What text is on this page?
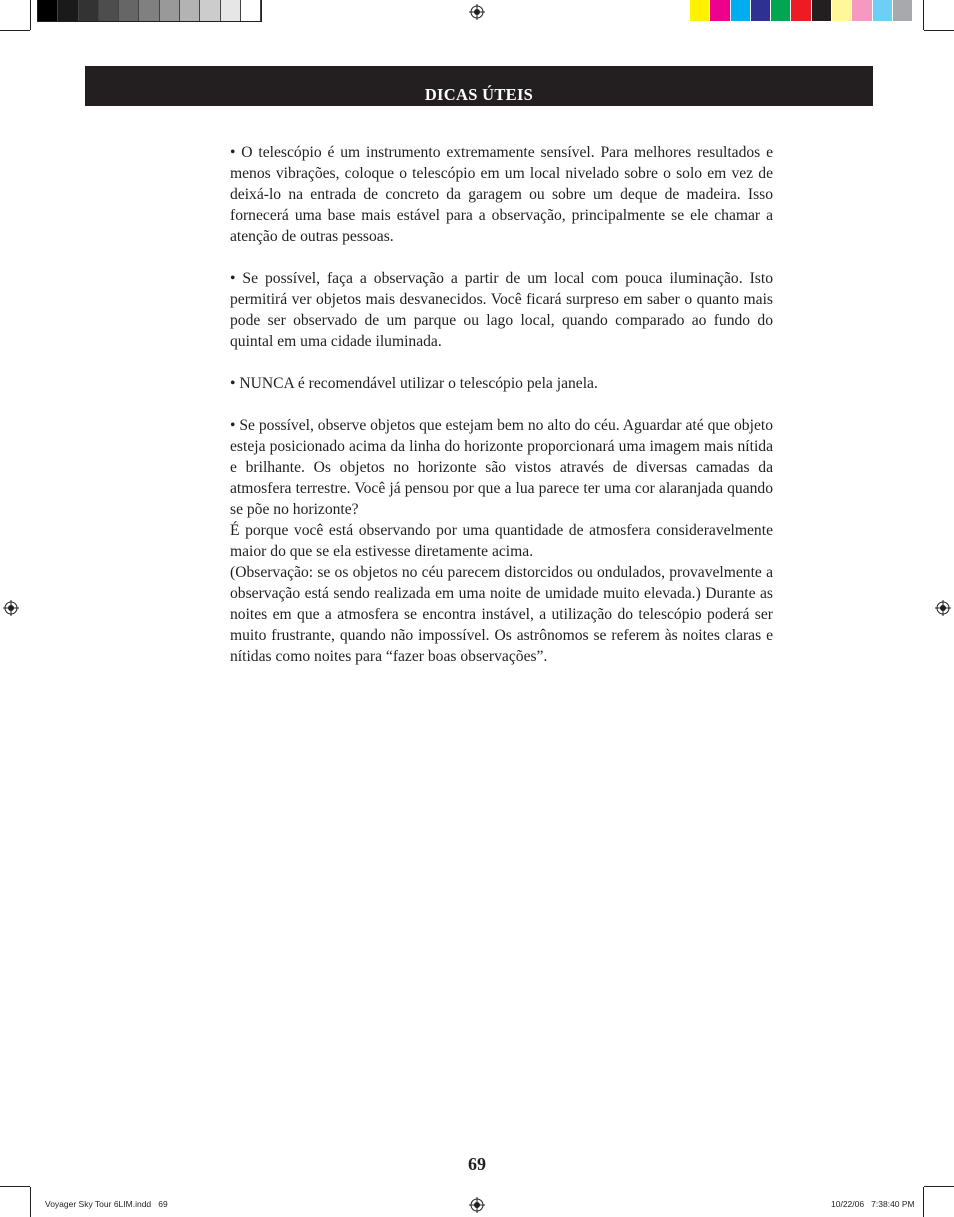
DICAS ÚTEIS

• O telescópio é um instrumento extremamente sensível. Para melhores resultados e menos vibrações, coloque o telescópio em um local nivelado sobre o solo em vez de deixá-lo na entrada de concreto da garagem ou sobre um deque de madeira. Isso fornecerá uma base mais estável para a observação, principalmente se ele chamar a atenção de outras pessoas.

• Se possível, faça a observação a partir de um local com pouca iluminação. Isto permitirá ver objetos mais desvanecidos. Você ficará surpreso em saber o quanto mais pode ser observado de um parque ou lago local, quando comparado ao fundo do quintal em uma cidade iluminada.

• NUNCA é recomendável utilizar o telescópio pela janela.

• Se possível, observe objetos que estejam bem no alto do céu. Aguardar até que objeto esteja posicionado acima da linha do horizonte proporcionará uma imagem mais nítida e brilhante. Os objetos no horizonte são vistos através de diversas camadas da atmosfera terrestre. Você já pensou por que a lua parece ter uma cor alaranjada quando se põe no horizonte?

É porque você está observando por uma quantidade de atmosfera consideravelmente maior do que se ela estivesse diretamente acima.

(Observação: se os objetos no céu parecem distorcidos ou ondulados, provavelmente a observação está sendo realizada em uma noite de umidade muito elevada.) Durante as noites em que a atmosfera se encontra instável, a utilização do telescópio poderá ser muito frustrante, quando não impossível. Os astrônomos se referem às noites claras e nítidas como noites para “fazer boas observações”.

69
Voyager Sky Tour 6LIM.indd   69	10/22/06   7:38:40 PM
